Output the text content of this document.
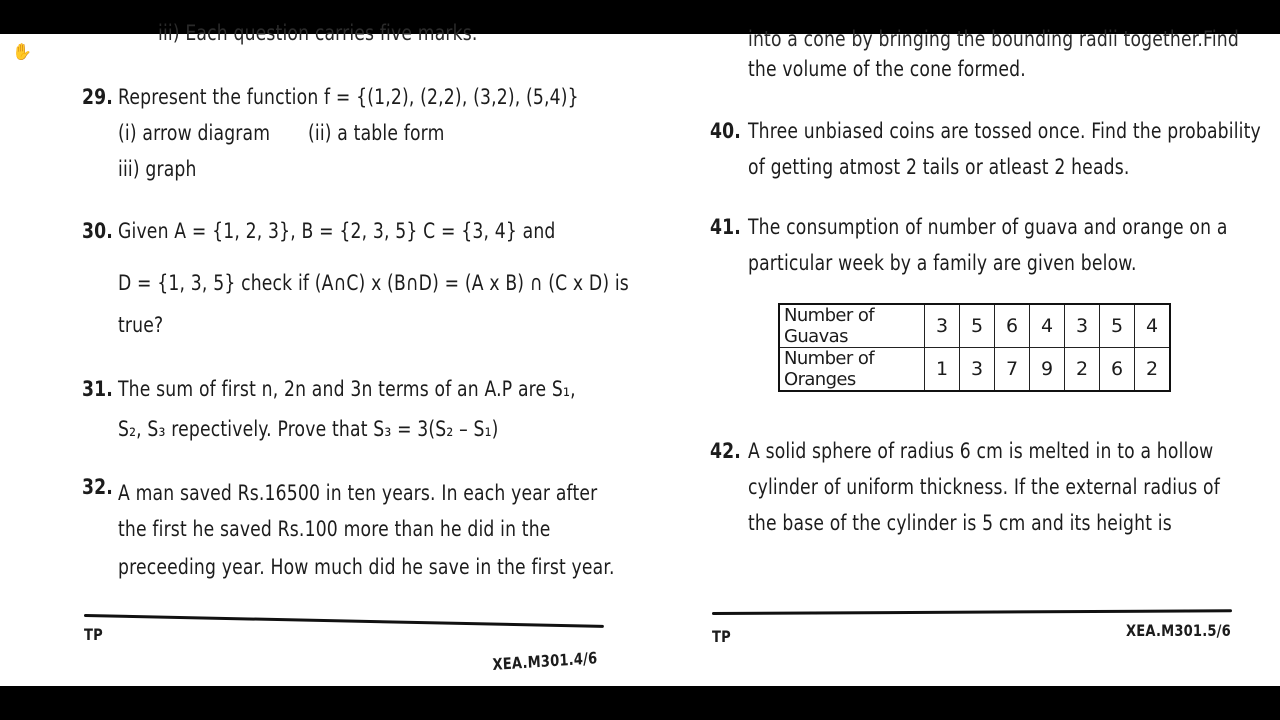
✋
iii) Each question carries five marks.
29. Represent the function f = {(1,2), (2,2), (3,2), (5,4)}
(i) arrow diagram (ii) a table form
iii) graph
30. Given A = {1, 2, 3}, B = {2, 3, 5} C = {3, 4} and
D = {1, 3, 5} check if (A∩C) x (B∩D) = (A x B) ∩ (C x D) is
true?
31. The sum of first n, 2n and 3n terms of an A.P are S₁,
S₂, S₃ repectively. Prove that S₃ = 3(S₂ – S₁)
32. A man saved Rs.16500 in ten years. In each year after
the first he saved Rs.100 more than he did in the
preceeding year. How much did he save in the first year.
TP
XEA.M301.4/6
into a cone by bringing the bounding radii together.Find
the volume of the cone formed.
40. Three unbiased coins are tossed once. Find the probability
of getting atmost 2 tails or atleast 2 heads.
41. The consumption of number of guava and orange on a
particular week by a family are given below.
Number of Guavas	3	5	6	4	3	5	4
Number of Oranges	1	3	7	9	2	6	2
42. A solid sphere of radius 6 cm is melted in to a hollow
cylinder of uniform thickness. If the external radius of
the base of the cylinder is 5 cm and its height is
TP	XEA.M301.5/6
